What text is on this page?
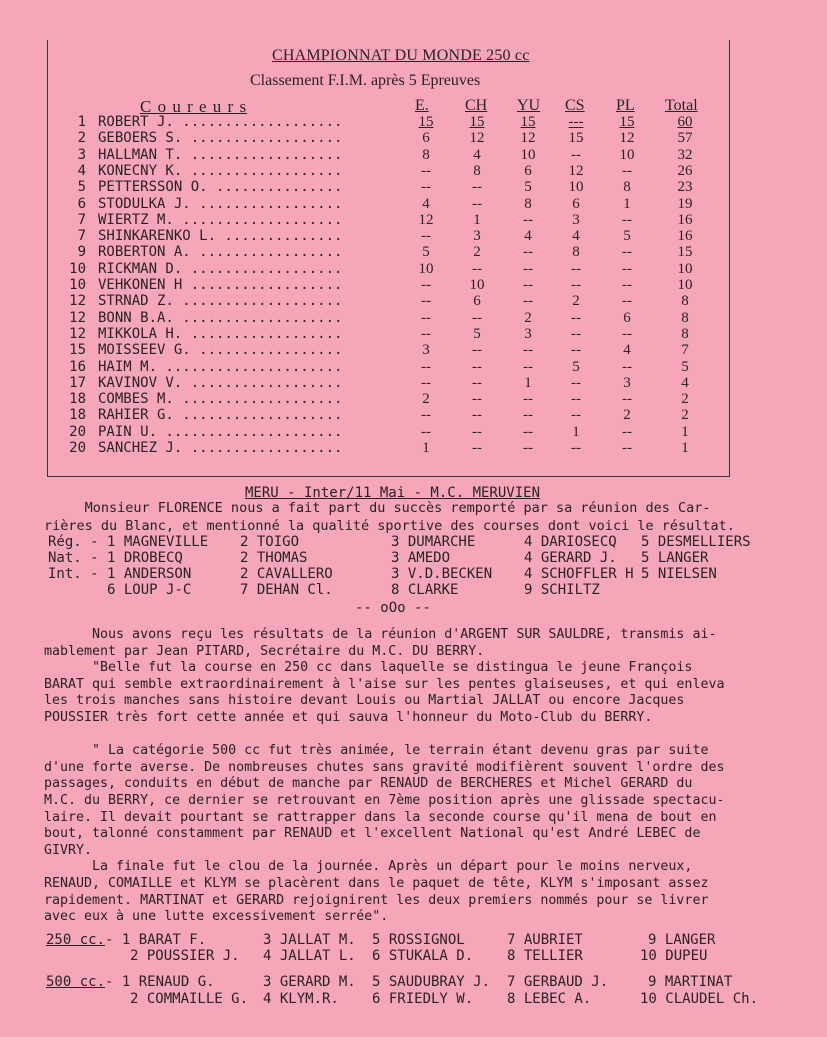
CHAMPIONNAT DU MONDE 250 cc
Classement F.I.M. après 5 Epreuves
C o u r e u r s	E. CH YU CS PL Total
1 ROBERT J. ...................	15	15	15	---	15	60
2 GEBOERS S. ..................	6	12	12	15	12	57
3 HALLMAN T. ..................	8	4	10	--	10	32
4 KONECNY K. ..................	--	8	6	12	--	26
5 PETTERSSON O. ...............	--	--	5	10	8	23
6 STODULKA J. .................	4	--	8	6	1	19
7 WIERTZ M. ...................	12	1	--	3	--	16
7 SHINKARENKO L. ..............	--	3	4	4	5	16
9 ROBERTON A. .................	5	2	--	8	--	15
10 RICKMAN D. ..................	10	--	--	--	--	10
10 VEHKONEN H ..................	--	10	--	--	--	10
12 STRNAD Z. ...................	--	6	--	2	--	8
12 BONN B.A. ...................	--	--	2	--	6	8
12 MIKKOLA H. ..................	--	5	3	--	--	8
15 MOISSEEV G. .................	3	--	--	--	4	7
16 HAIM M. .....................	--	--	--	5	--	5
17 KAVINOV V. ..................	--	--	1	--	3	4
18 COMBES M. ...................	2	--	--	--	--	2
18 RAHIER G. ...................	--	--	--	--	2	2
20 PAIN U. .....................	--	--	--	1	--	1
20 SANCHEZ J. ..................	1	--	--	--	--	1
MERU - Inter/11 Mai - M.C. MERUVIEN
Monsieur FLORENCE nous a fait part du succès remporté par sa réunion des Car-
rières du Blanc, et mentionné la qualité sportive des courses dont voici le résultat.
Rég. - 1 MAGNEVILLE 2 TOIGO	3 DUMARCHE	4 DARIOSECQ 5 DESMELLIERS
Nat. - 1 DROBECQ	2 THOMAS	3 AMEDO	4 GERARD J. 5 LANGER
Int. - 1 ANDERSON	2 CAVALLERO	3 V.D.BECKEN 4 SCHOFFLER H 5 NIELSEN
6 LOUP J-C	7 DEHAN Cl.	8 CLARKE	9 SCHILTZ
-- oOo --
Nous avons reçu les résultats de la réunion d'ARGENT SUR SAULDRE, transmis ai-
mablement par Jean PITARD, Secrétaire du M.C. DU BERRY.
"Belle fut la course en 250 cc dans laquelle se distingua le jeune François
BARAT qui semble extraordinairement à l'aise sur les pentes glaiseuses, et qui enleva
les trois manches sans histoire devant Louis ou Martial JALLAT ou encore Jacques
POUSSIER très fort cette année et qui sauva l'honneur du Moto-Club du BERRY.
" La catégorie 500 cc fut très animée, le terrain étant devenu gras par suite
d'une forte averse. De nombreuses chutes sans gravité modifièrent souvent l'ordre des
passages, conduits en début de manche par RENAUD de BERCHERES et Michel GERARD du
M.C. du BERRY, ce dernier se retrouvant en 7ème position après une glissade spectacu-
laire. Il devait pourtant se rattrapper dans la seconde course qu'il mena de bout en
bout, talonné constamment par RENAUD et l'excellent National qu'est André LEBEC de
GIVRY.
La finale fut le clou de la journée. Après un départ pour le moins nerveux,
RENAUD, COMAILLE et KLYM se placèrent dans le paquet de tête, KLYM s'imposant assez
rapidement. MARTINAT et GERARD rejoignirent les deux premiers nommés pour se livrer
avec eux à une lutte excessivement serrée".
250 cc. - 1 BARAT F.	3 JALLAT M. 5 ROSSIGNOL	7 AUBRIET	9 LANGER
2 POUSSIER J. 4 JALLAT L. 6 STUKALA D. 8 TELLIER	10 DUPEU
500 cc. - 1 RENAUD G.	3 GERARD M. 5 SAUDUBRAY J. 7 GERBAUD J.	9 MARTINAT
2 COMMAILLE G. 4 KLYM.R. 6 FRIEDLY W. 8 LEBEC A.	10 CLAUDEL Ch.
